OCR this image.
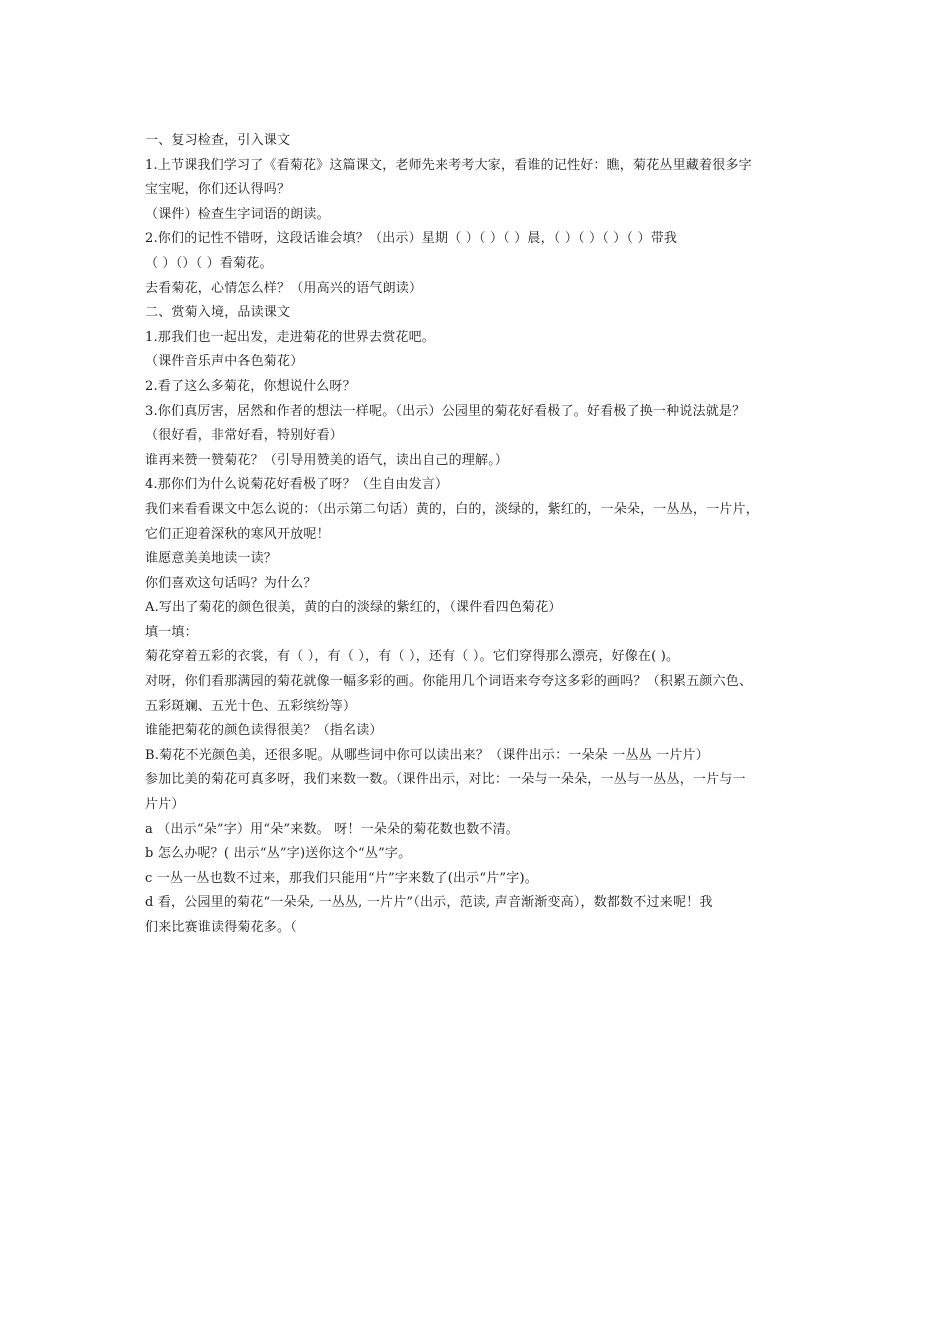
一、复习检查，引入课文
1.上节课我们学习了《看菊花》这篇课文，老师先来考考大家，看谁的记性好：瞧，菊花丛里藏着很多字
宝宝呢，你们还认得吗？
（课件）检查生字词语的朗读。
2.你们的记性不错呀，这段话谁会填？（出示）星期（ ）（ ）（ ）晨，（ ）（ ）（ ）（ ）带我
（ ）（）（ ）看菊花。
去看菊花，心情怎么样？（用高兴的语气朗读）
二、赏菊入境，品读课文
1.那我们也一起出发，走进菊花的世界去赏花吧。
（课件音乐声中各色菊花）
2.看了这么多菊花，你想说什么呀？
3.你们真厉害，居然和作者的想法一样呢。（出示）公园里的菊花好看极了。好看极了换一种说法就是？
（很好看，非常好看，特别好看）
谁再来赞一赞菊花？（引导用赞美的语气，读出自己的理解。）
4.那你们为什么说菊花好看极了呀？（生自由发言）
我们来看看课文中怎么说的：（出示第二句话）黄的，白的，淡绿的，紫红的，一朵朵，一丛丛，一片片，
它们正迎着深秋的寒风开放呢！
谁愿意美美地读一读？
你们喜欢这句话吗？为什么？
A.写出了菊花的颜色很美，黄的白的淡绿的紫红的，（课件看四色菊花）
填一填：
菊花穿着五彩的衣裳，有（ ），有（ ），有（ ），还有（ ）。它们穿得那么漂亮，好像在( )。
对呀，你们看那满园的菊花就像一幅多彩的画。你能用几个词语来夸夸这多彩的画吗？（积累五颜六色、
五彩斑斓、五光十色、五彩缤纷等）
谁能把菊花的颜色读得很美？（指名读）
B.菊花不光颜色美，还很多呢。从哪些词中你可以读出来？（课件出示：一朵朵 一丛丛 一片片）
参加比美的菊花可真多呀，我们来数一数。（课件出示，对比：一朵与一朵朵，一丛与一丛丛，一片与一
片片）
a （出示“朵”字）用“朵”来数。 呀！一朵朵的菊花数也数不清。
b 怎么办呢？( 出示“丛”字)送你这个“丛”字。
c 一丛一丛也数不过来，那我们只能用“片”字来数了(出示“片”字)。
d 看，公园里的菊花“一朵朵, 一丛丛, 一片片”（出示，范读, 声音渐渐变高），数都数不过来呢！我
们来比赛谁读得菊花多。（
